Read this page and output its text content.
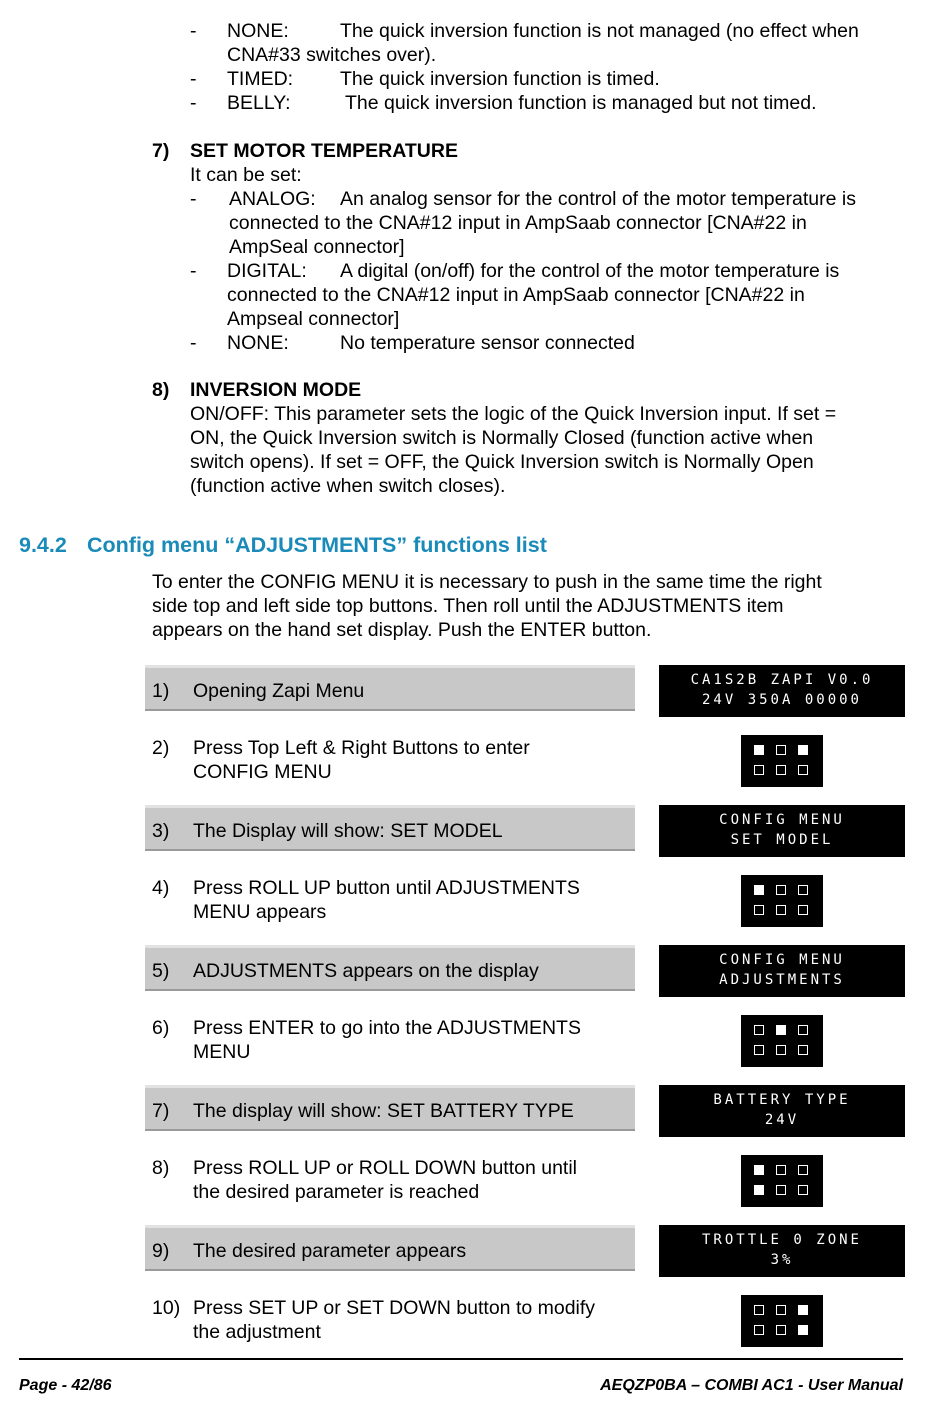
- NONE:	The quick inversion function is not managed (no effect when
CNA#33 switches over).
- TIMED: The quick inversion function is timed.
- BELLY:	The quick inversion function is managed but not timed.
7) SET MOTOR TEMPERATURE
It can be set:
- ANALOG: An analog sensor for the control of the motor temperature is
connected to the CNA#12 input in AmpSaab connector [CNA#22 in
AmpSeal connector]
- DIGITAL: A digital (on/off) for the control of the motor temperature is
connected to the CNA#12 input in AmpSaab connector [CNA#22 in
Ampseal connector]
- NONE:	No temperature sensor connected
8) INVERSION MODE
ON/OFF: This parameter sets the logic of the Quick Inversion input. If set =
ON, the Quick Inversion switch is Normally Closed (function active when
switch opens). If set = OFF, the Quick Inversion switch is Normally Open
(function active when switch closes).
9.4.2 Config menu “ADJUSTMENTS” functions list
To enter the CONFIG MENU it is necessary to push in the same time the right
side top and left side top buttons. Then roll until the ADJUSTMENTS item
appears on the hand set display. Push the ENTER button.
1) Opening Zapi Menu	CA1S2B ZAPI V0.0
24V 350A 00000
2) Press Top Left & Right Buttons to enter
CONFIG MENU
3) The Display will show: SET MODEL	CONFIG MENU
SET MODEL
4) Press ROLL UP button until ADJUSTMENTS
MENU appears
5) ADJUSTMENTS appears on the display	CONFIG MENU
ADJUSTMENTS
6) Press ENTER to go into the ADJUSTMENTS
MENU
7) The display will show: SET BATTERY TYPE	BATTERY TYPE
24V
8) Press ROLL UP or ROLL DOWN button until
the desired parameter is reached
9) The desired parameter appears	TROTTLE 0 ZONE
3%
10) Press SET UP or SET DOWN button to modify
the adjustment
Page - 42/86	AEQZP0BA – COMBI AC1 - User Manual
